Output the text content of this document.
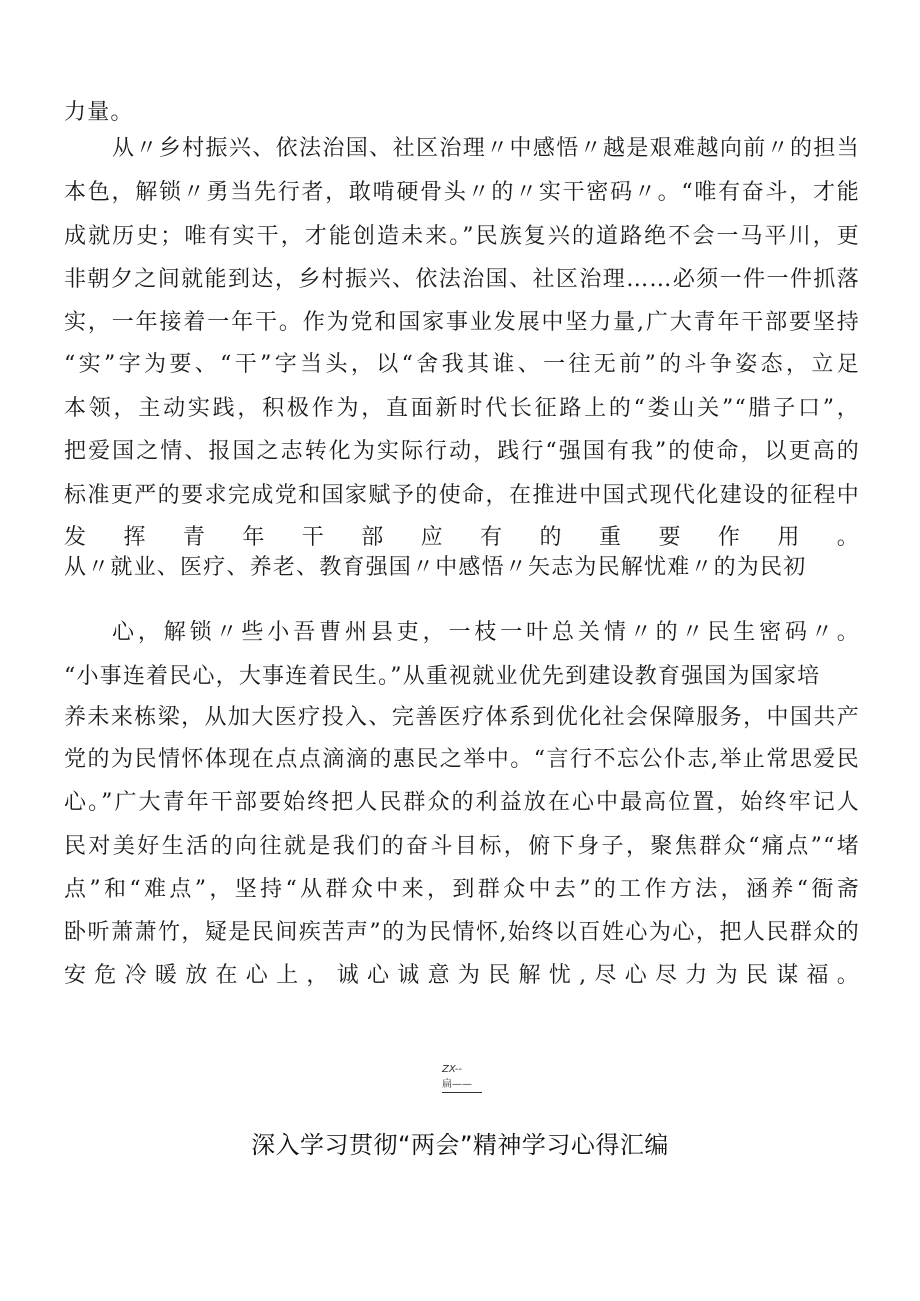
力量。
从〃乡村振兴、依法治国、社区治理〃中感悟〃越是艰难越向前〃的担当
本色，解锁〃勇当先行者，敢啃硬骨头〃的〃实干密码〃。“唯有奋斗，才能
成就历史；唯有实干，才能创造未来。”民族复兴的道路绝不会一马平川，更
非朝夕之间就能到达，乡村振兴、依法治国、社区治理……必须一件一件抓落
实，一年接着一年干。作为党和国家事业发展中坚力量,广大青年干部要坚持
“实”字为要、“干”字当头，以“舍我其谁、一往无前”的斗争姿态，立足
本领，主动实践，积极作为，直面新时代长征路上的“娄山关”“腊子口”，
把爱国之情、报国之志转化为实际行动，践行“强国有我”的使命，以更高的
标准更严的要求完成党和国家赋予的使命，在推进中国式现代化建设的征程中
发挥青年干部应有的重要作用。
从〃就业、医疗、养老、教育强国〃中感悟〃矢志为民解忧难〃的为民初
心，解锁〃些小吾曹州县吏，一枝一叶总关情〃的〃民生密码〃。
“小事连着民心，大事连着民生。”从重视就业优先到建设教育强国为国家培
养未来栋梁，从加大医疗投入、完善医疗体系到优化社会保障服务，中国共产
党的为民情怀体现在点点滴滴的惠民之举中。“言行不忘公仆志,举止常思爱民
心。”广大青年干部要始终把人民群众的利益放在心中最高位置，始终牢记人
民对美好生活的向往就是我们的奋斗目标，俯下身子，聚焦群众“痛点”“堵
点”和“难点”，坚持“从群众中来，到群众中去”的工作方法，涵养“衙斋
卧听萧萧竹，疑是民间疾苦声”的为民情怀,始终以百姓心为心，把人民群众的
安危冷暖放在心上，诚心诚意为民解忧,尽心尽力为民谋福。
ZX--
扁——
深入学习贯彻“两会”精神学习心得汇编
